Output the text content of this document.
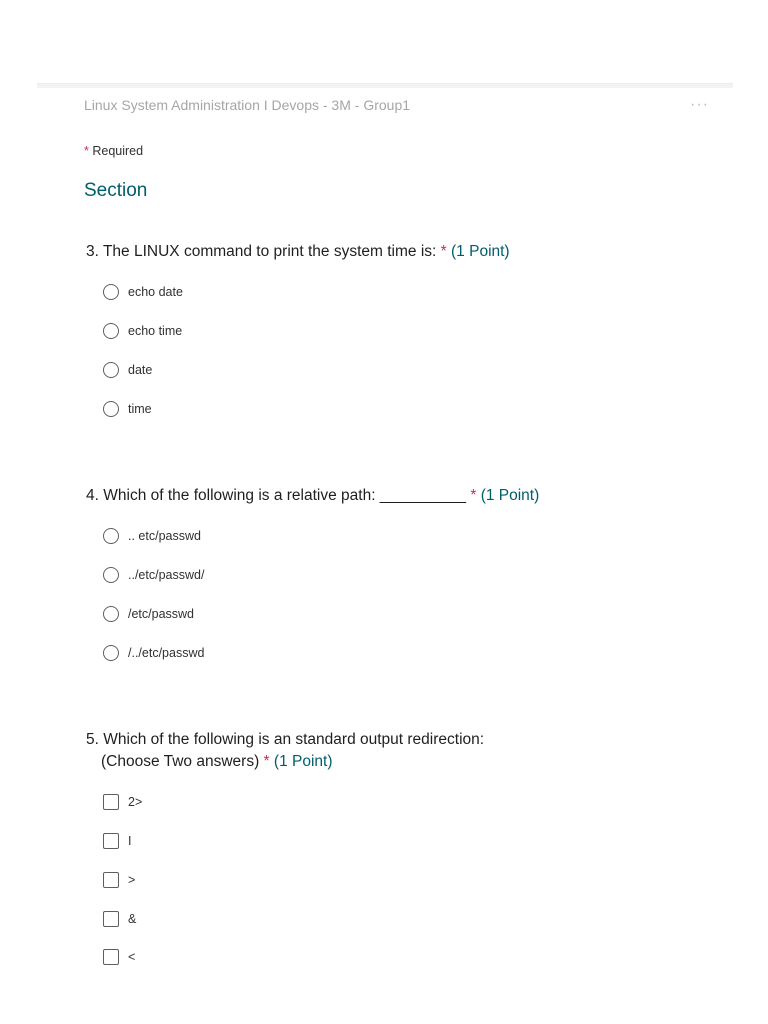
Linux System Administration I Devops - 3M - Group1	···
* Required
Section
3. The LINUX command to print the system time is: * (1 Point)
echo date
echo time
date
time
4. Which of the following is a relative path: __________ * (1 Point)
.. etc/passwd
../etc/passwd/
/etc/passwd
/../etc/passwd
5. Which of the following is an standard output redirection:
(Choose Two answers) * (1 Point)
2>
I
>
&
<
